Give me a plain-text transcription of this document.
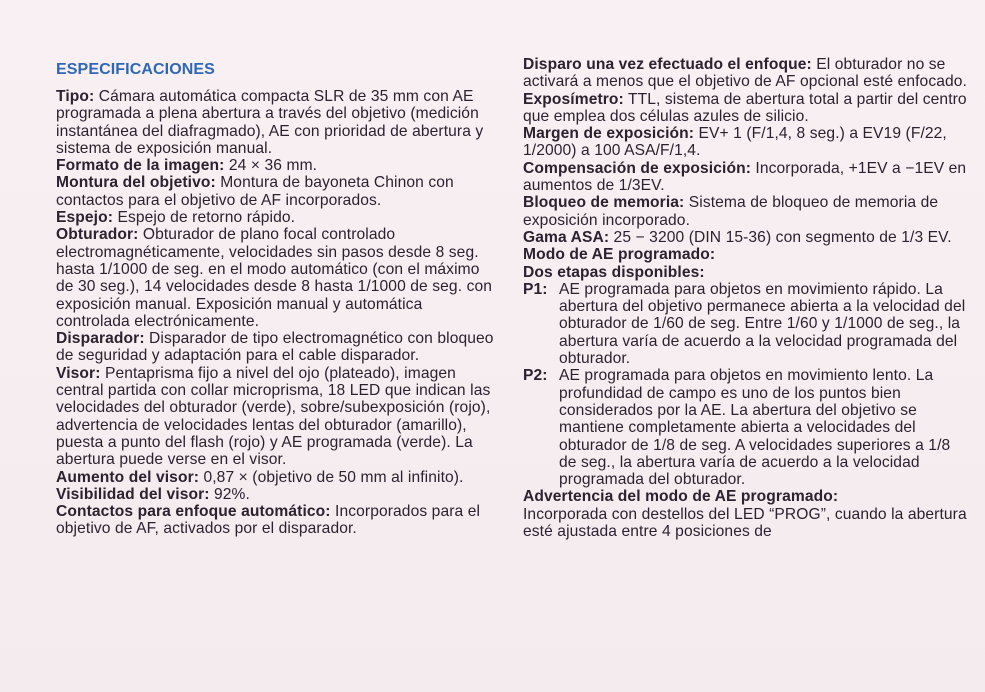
ESPECIFICACIONES

Tipo: Cámara automática compacta SLR de 35 mm con AE programada a plena abertura a través del objetivo (medición instantánea del diafragmado), AE con prioridad de abertura y sistema de exposición manual.

Formato de la imagen: 24 × 36 mm.

Montura del objetivo: Montura de bayoneta Chinon con contactos para el objetivo de AF incorporados.

Espejo: Espejo de retorno rápido.

Obturador: Obturador de plano focal controlado electromagnéticamente, velocidades sin pasos desde 8 seg. hasta 1/1000 de seg. en el modo automático (con el máximo de 30 seg.), 14 velocidades desde 8 hasta 1/1000 de seg. con exposición manual. Exposición manual y automática controlada electrónicamente.

Disparador: Disparador de tipo electromagnético con bloqueo de seguridad y adaptación para el cable disparador.

Visor: Pentaprisma fijo a nivel del ojo (plateado), imagen central partida con collar microprisma, 18 LED que indican las velocidades del obturador (verde), sobre/subexposición (rojo), advertencia de velocidades lentas del obturador (amarillo), puesta a punto del flash (rojo) y AE programada (verde). La abertura puede verse en el visor.

Aumento del visor: 0,87 × (objetivo de 50 mm al infinito).

Visibilidad del visor: 92%.

Contactos para enfoque automático: Incorporados para el objetivo de AF, activados por el disparador.

Disparo una vez efectuado el enfoque: El obturador no se activará a menos que el objetivo de AF opcional esté enfocado.

Exposímetro: TTL, sistema de abertura total a partir del centro que emplea dos células azules de silicio.

Margen de exposición: EV+ 1 (F/1,4, 8 seg.) a EV19 (F/22, 1/2000) a 100 ASA/F/1,4.

Compensación de exposición: Incorporada, +1EV a −1EV en aumentos de 1/3EV.

Bloqueo de memoria: Sistema de bloqueo de memoria de exposición incorporado.

Gama ASA: 25 − 3200 (DIN 15-36) con segmento de 1/3 EV.

Modo de AE programado:

Dos etapas disponibles:

P1: AE programada para objetos en movimiento rápido. La abertura del objetivo permanece abierta a la velocidad del obturador de 1/60 de seg. Entre 1/60 y 1/1000 de seg., la abertura varía de acuerdo a la velocidad programada del obturador.
P2: AE programada para objetos en movimiento lento. La profundidad de campo es uno de los puntos bien considerados por la AE. La abertura del objetivo se mantiene completamente abierta a velocidades del obturador de 1/8 de seg. A velocidades superiores a 1/8 de seg., la abertura varía de acuerdo a la velocidad programada del obturador.

Advertencia del modo de AE programado:

Incorporada con destellos del LED “PROG”, cuando la abertura esté ajustada entre 4 posiciones de
